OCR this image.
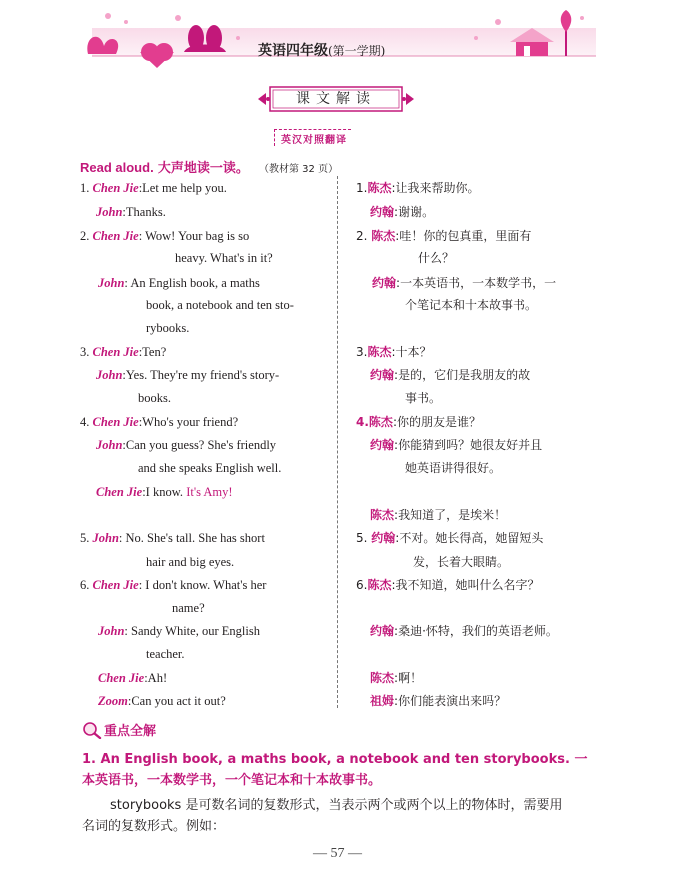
英语四年级(第一学期)
课文解读
英汉对照翻译
Read aloud. 大声地读一读。 （教材第 32 页）
1. Chen Jie:Let me help you.
John:Thanks.
2. Chen Jie: Wow! Your bag is so
heavy. What's in it?
John: An English book, a maths
book, a notebook and ten sto-
rybooks.
3. Chen Jie:Ten?
John:Yes. They're my friend's story-
books.
4. Chen Jie:Who's your friend?
John:Can you guess? She's friendly
and she speaks English well.
Chen Jie:I know. It's Amy!
5. John: No. She's tall. She has short
hair and big eyes.
6. Chen Jie: I don't know. What's her
name?
John: Sandy White, our English
teacher.
Chen Jie:Ah!
Zoom:Can you act it out?
1.陈杰:让我来帮助你。
约翰:谢谢。
2. 陈杰:哇！你的包真重，里面有
什么？
约翰:一本英语书，一本数学书，一
个笔记本和十本故事书。
3.陈杰:十本？
约翰:是的，它们是我朋友的故
事书。
4.陈杰:你的朋友是谁？
约翰:你能猜到吗？她很友好并且
她英语讲得很好。
陈杰:我知道了，是埃米！
5. 约翰:不对。她长得高，她留短头
发，长着大眼睛。
6.陈杰:我不知道，她叫什么名字？
约翰:桑迪·怀特，我们的英语老师。
陈杰:啊！
祖姆:你们能表演出来吗？
重点全解
1. An English book, a maths book, a notebook and ten storybooks. 一本英语书，一本数学书，一个笔记本和十本故事书。
storybooks 是可数名词的复数形式，当表示两个或两个以上的物体时，需要用
名词的复数形式。例如：
— 57 —
